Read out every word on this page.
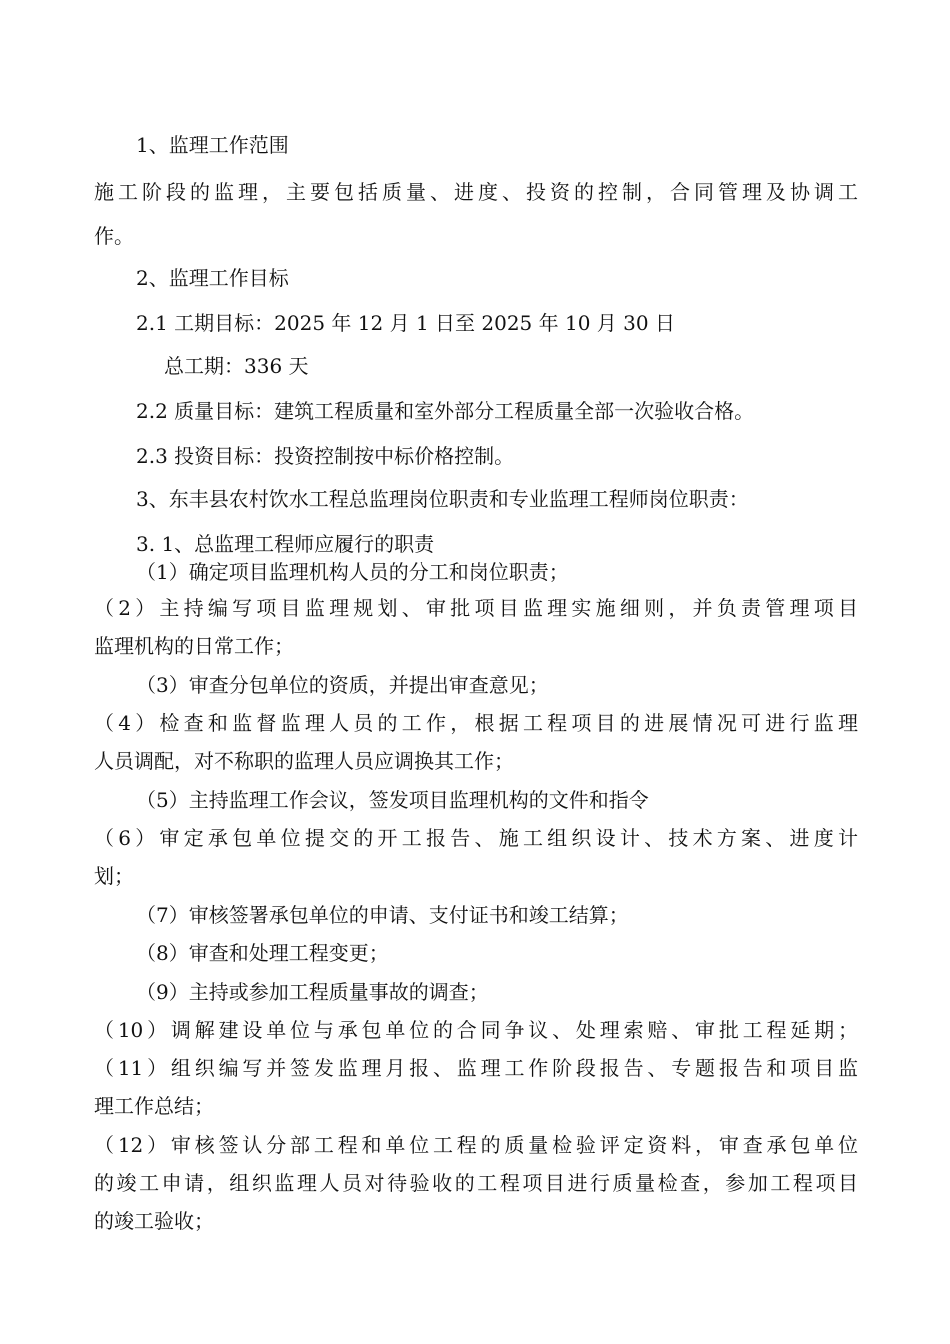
1、监理工作范围
施工阶段的监理，主要包括质量、进度、投资的控制，合同管理及协调工
作。
2、监理工作目标
2.1 工期目标：2025 年 12 月 1 日至 2025 年 10 月 30 日
总工期：336 天
2.2 质量目标：建筑工程质量和室外部分工程质量全部一次验收合格。
2.3 投资目标：投资控制按中标价格控制。
3、东丰县农村饮水工程总监理岗位职责和专业监理工程师岗位职责：
3. 1、总监理工程师应履行的职责
（1）确定项目监理机构人员的分工和岗位职责；
（2）主持编写项目监理规划、审批项目监理实施细则，并负责管理项目
监理机构的日常工作；
（3）审查分包单位的资质，并提出审查意见；
（4）检查和监督监理人员的工作，根据工程项目的进展情况可进行监理
人员调配，对不称职的监理人员应调换其工作；
（5）主持监理工作会议，签发项目监理机构的文件和指令
（6）审定承包单位提交的开工报告、施工组织设计、技术方案、进度计
划；
（7）审核签署承包单位的申请、支付证书和竣工结算；
（8）审查和处理工程变更；
（9）主持或参加工程质量事故的调查；
（10）调解建设单位与承包单位的合同争议、处理索赔、审批工程延期；
（11）组织编写并签发监理月报、监理工作阶段报告、专题报告和项目监
理工作总结；
（12）审核签认分部工程和单位工程的质量检验评定资料，审查承包单位
的竣工申请，组织监理人员对待验收的工程项目进行质量检查，参加工程项目
的竣工验收；
